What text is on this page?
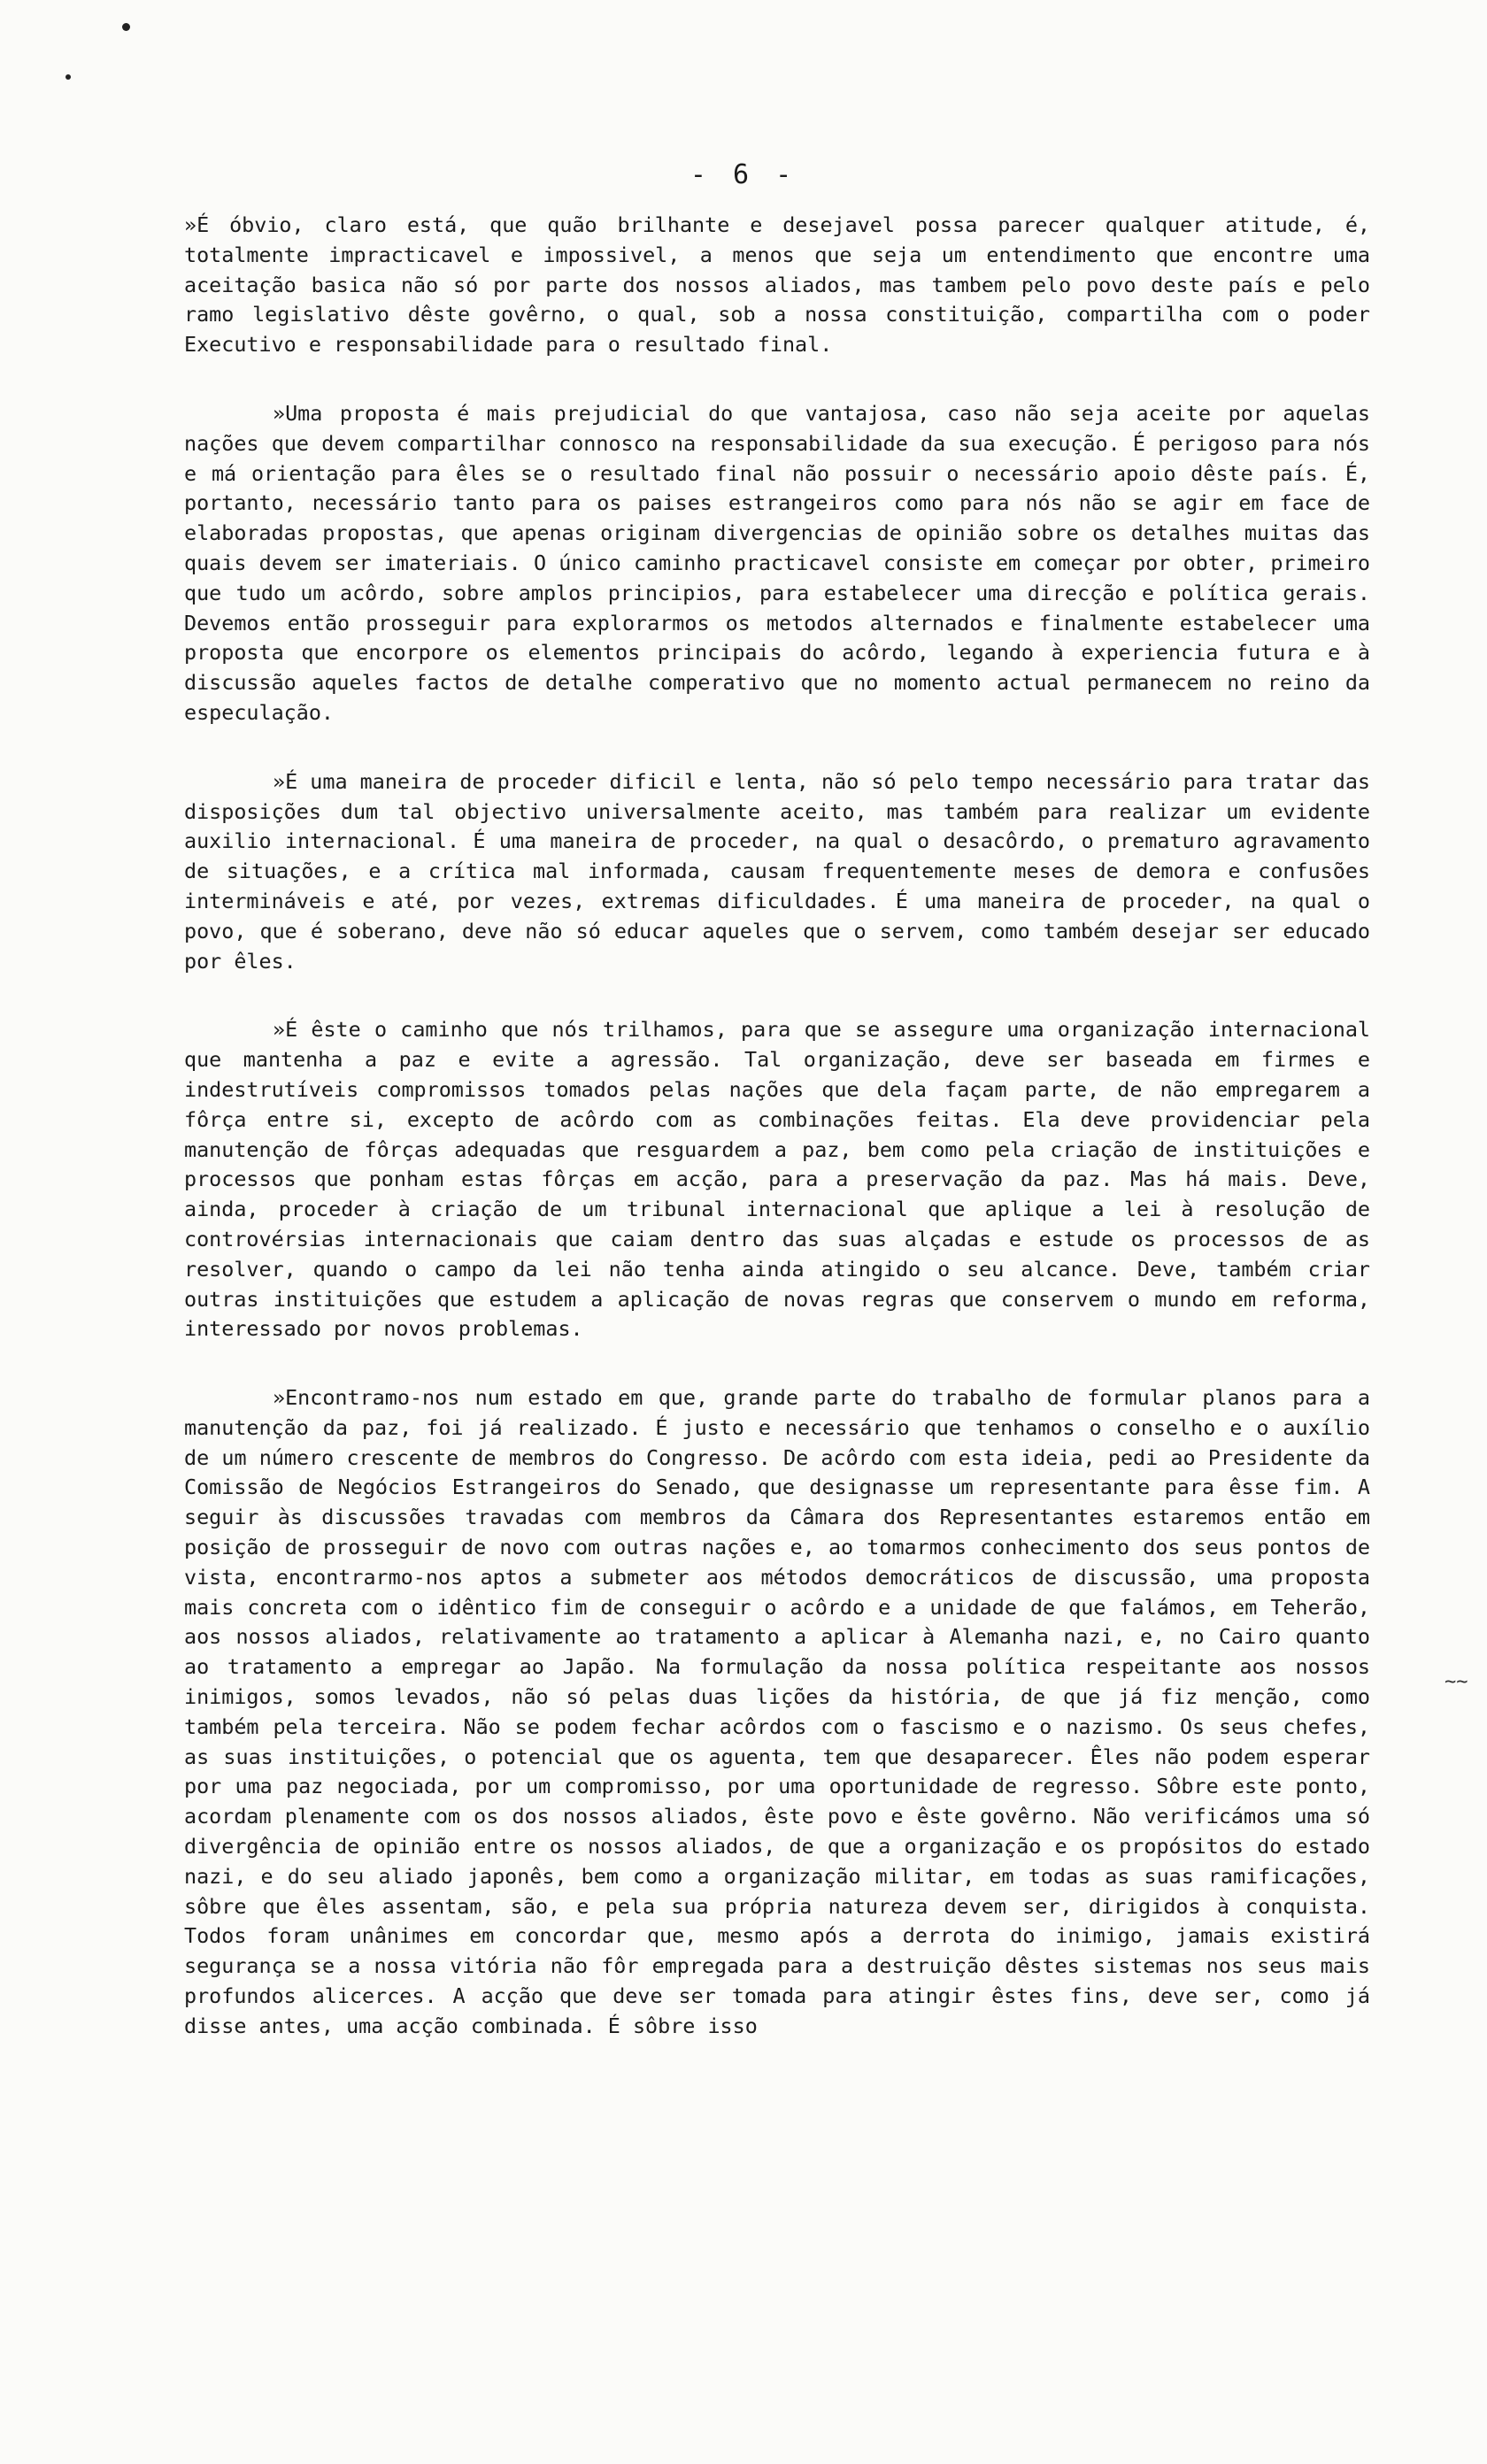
- 6 -

»É óbvio, claro está, que quão brilhante e desejavel possa parecer qualquer atitude, é, totalmente impracticavel e impossivel, a menos que seja um entendimento que encontre uma aceitação basica não só por parte dos nossos aliados, mas tambem pelo povo deste país e pelo ramo legislativo dêste govêrno, o qual, sob a nossa constituição, compartilha com o poder Executivo e responsabilidade para o resultado final.

»Uma proposta é mais prejudicial do que vantajosa, caso não seja aceite por aquelas nações que devem compartilhar connosco na responsabilidade da sua execução. É perigoso para nós e má orientação para êles se o resultado final não possuir o necessário apoio dêste país. É, portanto, necessário tanto para os paises estrangeiros como para nós não se agir em face de elaboradas propostas, que apenas originam divergencias de opinião sobre os detalhes muitas das quais devem ser imateriais. O único caminho practicavel consiste em começar por obter, primeiro que tudo um acôrdo, sobre amplos principios, para estabelecer uma direcção e política gerais. Devemos então prosseguir para explorarmos os metodos alternados e finalmente estabelecer uma proposta que encorpore os elementos principais do acôrdo, legando à experiencia futura e à discussão aqueles factos de detalhe comperativo que no momento actual permanecem no reino da especulação.

»É uma maneira de proceder dificil e lenta, não só pelo tempo necessário para tratar das disposições dum tal objectivo universalmente aceito, mas também para realizar um evidente auxilio internacional. É uma maneira de proceder, na qual o desacôrdo, o prematuro agravamento de situações, e a crítica mal informada, causam frequentemente meses de demora e confusões intermináveis e até, por vezes, extremas dificuldades. É uma maneira de proceder, na qual o povo, que é soberano, deve não só educar aqueles que o servem, como também desejar ser educado por êles.

»É êste o caminho que nós trilhamos, para que se assegure uma organização internacional que mantenha a paz e evite a agressão. Tal organização, deve ser baseada em firmes e indestrutíveis compromissos tomados pelas nações que dela façam parte, de não empregarem a fôrça entre si, excepto de acôrdo com as combinações feitas. Ela deve providenciar pela manutenção de fôrças adequadas que resguardem a paz, bem como pela criação de instituições e processos que ponham estas fôrças em acção, para a preservação da paz. Mas há mais. Deve, ainda, proceder à criação de um tribunal internacional que aplique a lei à resolução de controvérsias internacionais que caiam dentro das suas alçadas e estude os processos de as resolver, quando o campo da lei não tenha ainda atingido o seu alcance. Deve, também criar outras instituições que estudem a aplicação de novas regras que conservem o mundo em reforma, interessado por novos problemas.

»Encontramo-nos num estado em que, grande parte do trabalho de formular planos para a manutenção da paz, foi já realizado. É justo e necessário que tenhamos o conselho e o auxílio de um número crescente de membros do Congresso. De acôrdo com esta ideia, pedi ao Presidente da Comissão de Negócios Estrangeiros do Senado, que designasse um representante para êsse fim. A seguir às discussões travadas com membros da Câmara dos Representantes estaremos então em posição de prosseguir de novo com outras nações e, ao tomarmos conhecimento dos seus pontos de vista, encontrarmo-nos aptos a submeter aos métodos democráticos de discussão, uma proposta mais concreta com o idêntico fim de conseguir o acôrdo e a unidade de que falámos, em Teherão, aos nossos aliados, relativamente ao tratamento a aplicar à Alemanha nazi, e, no Cairo quanto ao tratamento a empregar ao Japão. Na formulação da nossa política respeitante aos nossos inimigos, somos levados, não só pelas duas lições da história, de que já fiz menção, como também pela terceira. Não se podem fechar acôrdos com o fascismo e o nazismo. Os seus chefes, as suas instituições, o potencial que os aguenta, tem que desaparecer. Êles não podem esperar por uma paz negociada, por um compromisso, por uma oportunidade de regresso. Sôbre este ponto, acordam plenamente com os dos nossos aliados, êste povo e êste govêrno. Não verificámos uma só divergência de opinião entre os nossos aliados, de que a organização e os propósitos do estado nazi, e do seu aliado japonês, bem como a organização militar, em todas as suas ramificações, sôbre que êles assentam, são, e pela sua própria natureza devem ser, dirigidos à conquista. Todos foram unânimes em concordar que, mesmo após a derrota do inimigo, jamais existirá segurança se a nossa vitória não fôr empregada para a destruição dêstes sistemas nos seus mais profundos alicerces. A acção que deve ser tomada para atingir êstes fins, deve ser, como já disse antes, uma acção combinada. É sôbre isso

~~
